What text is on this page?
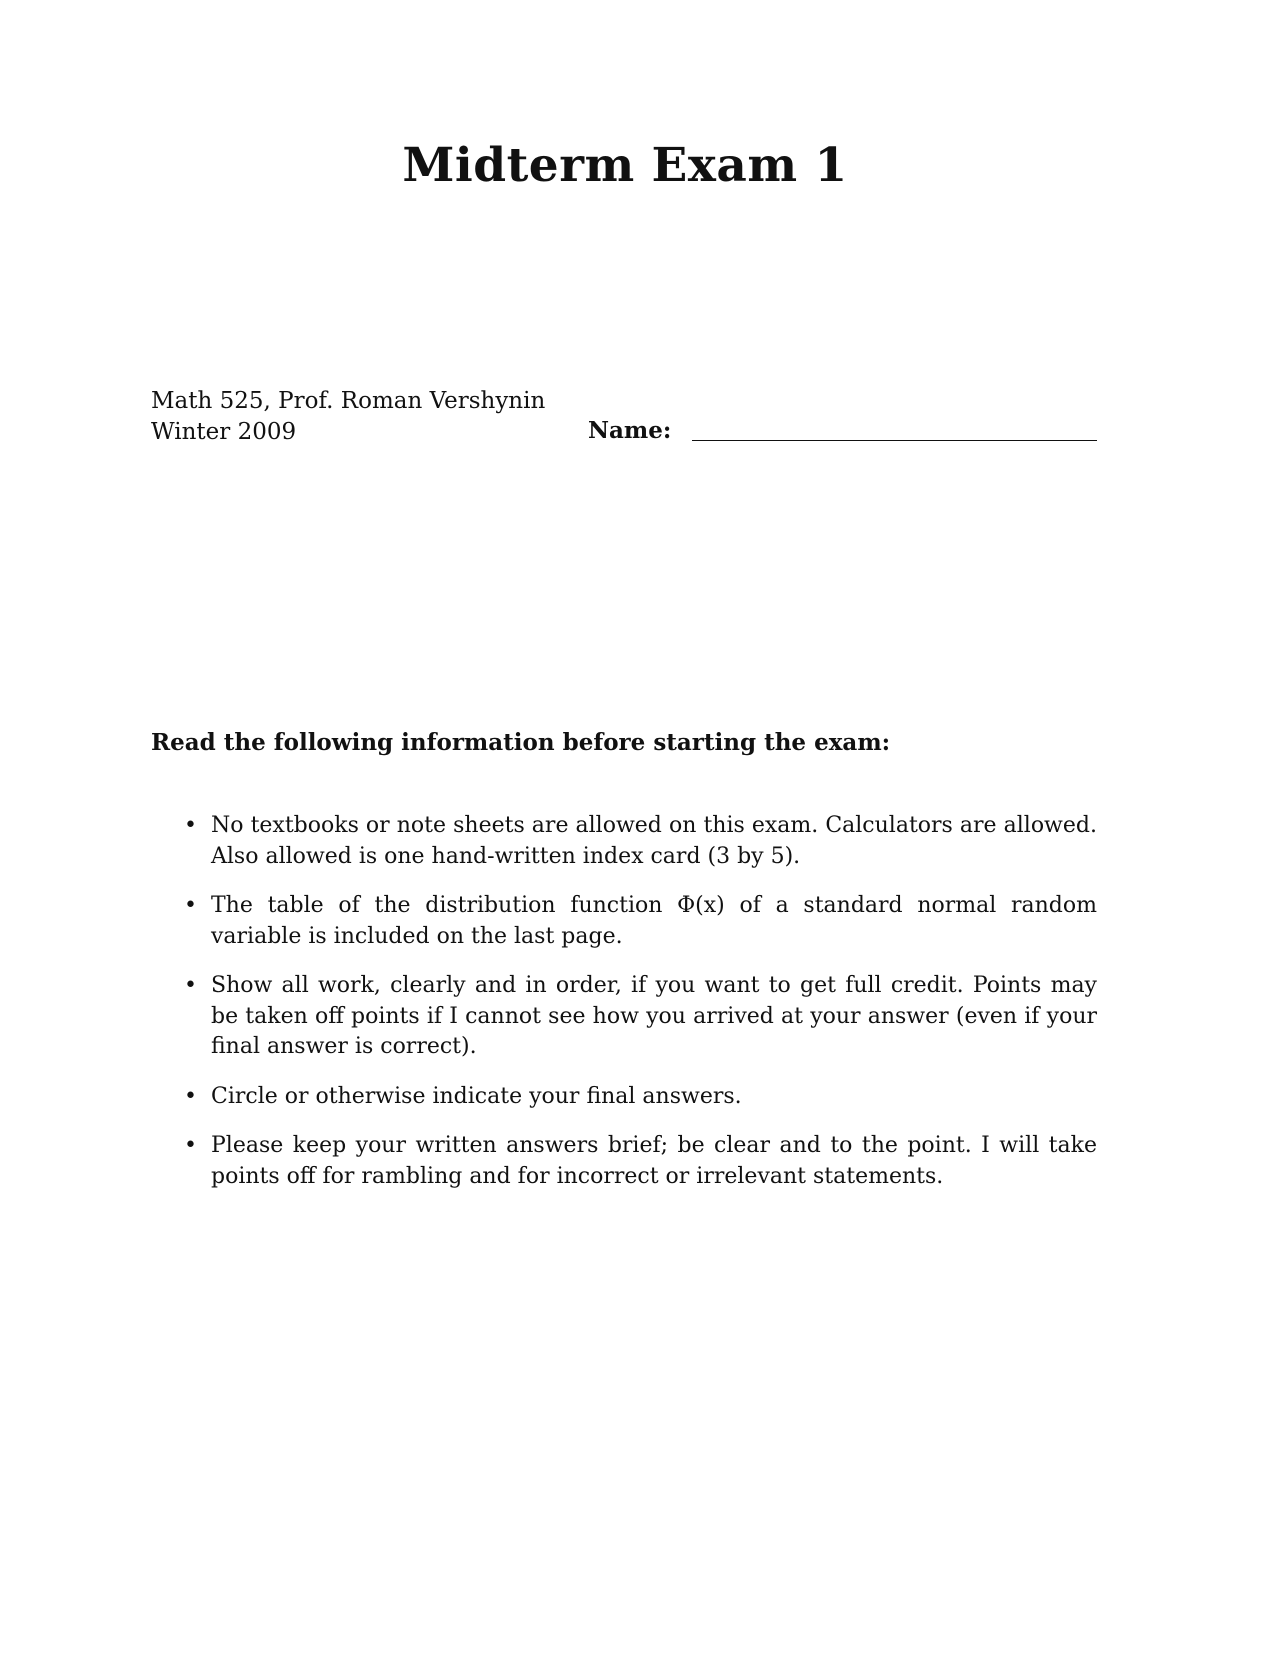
Midterm Exam 1
Math 525, Prof. Roman Vershynin
Winter 2009	Name:
Read the following information before starting the exam:
• No textbooks or note sheets are allowed on this exam. Calculators are allowed. Also allowed is one hand-written index card (3 by 5).
• The table of the distribution function Φ(x) of a standard normal random variable is included on the last page.
• Show all work, clearly and in order, if you want to get full credit. Points may be taken off points if I cannot see how you arrived at your answer (even if your final answer is correct).
• Circle or otherwise indicate your final answers.
• Please keep your written answers brief; be clear and to the point. I will take points off for rambling and for incorrect or irrelevant statements.
